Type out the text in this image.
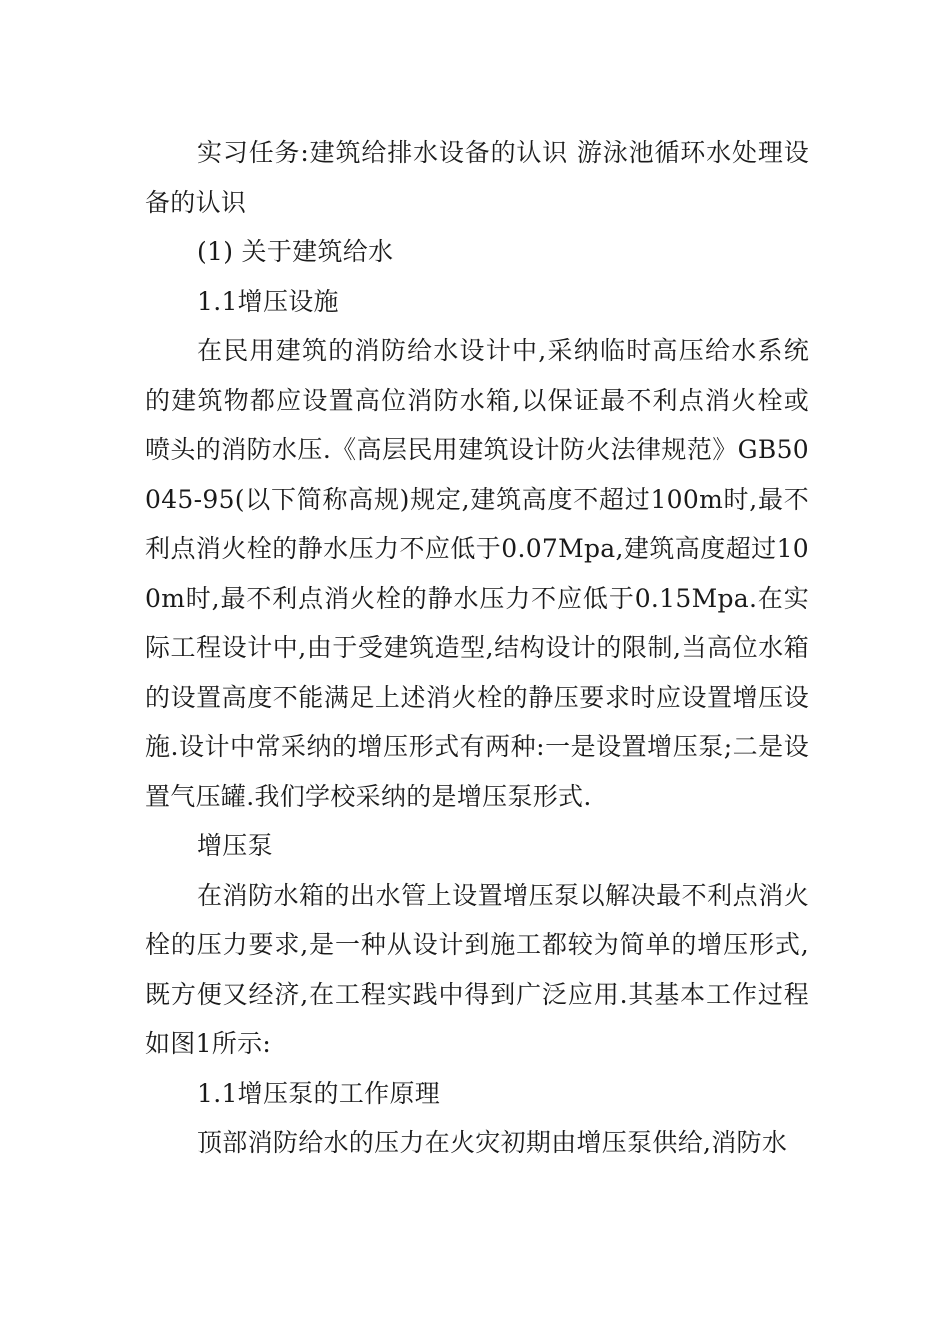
实习任务:建筑给排水设备的认识 游泳池循环水处理设备的认识

(1) 关于建筑给水

1.1增压设施

在民用建筑的消防给水设计中,采纳临时高压给水系统的建筑物都应设置高位消防水箱,以保证最不利点消火栓或喷头的消防水压.《高层民用建筑设计防火法律规范》GB50045-95(以下简称高规)规定,建筑高度不超过100m时,最不利点消火栓的静水压力不应低于0.07Mpa,建筑高度超过100m时,最不利点消火栓的静水压力不应低于0.15Mpa.在实际工程设计中,由于受建筑造型,结构设计的限制,当高位水箱的设置高度不能满足上述消火栓的静压要求时应设置增压设施.设计中常采纳的增压形式有两种:一是设置增压泵;二是设置气压罐.我们学校采纳的是增压泵形式.

增压泵

在消防水箱的出水管上设置增压泵以解决最不利点消火栓的压力要求,是一种从设计到施工都较为简单的增压形式,既方便又经济,在工程实践中得到广泛应用.其基本工作过程如图1所示:

1.1增压泵的工作原理

顶部消防给水的压力在火灾初期由增压泵供给,消防水
